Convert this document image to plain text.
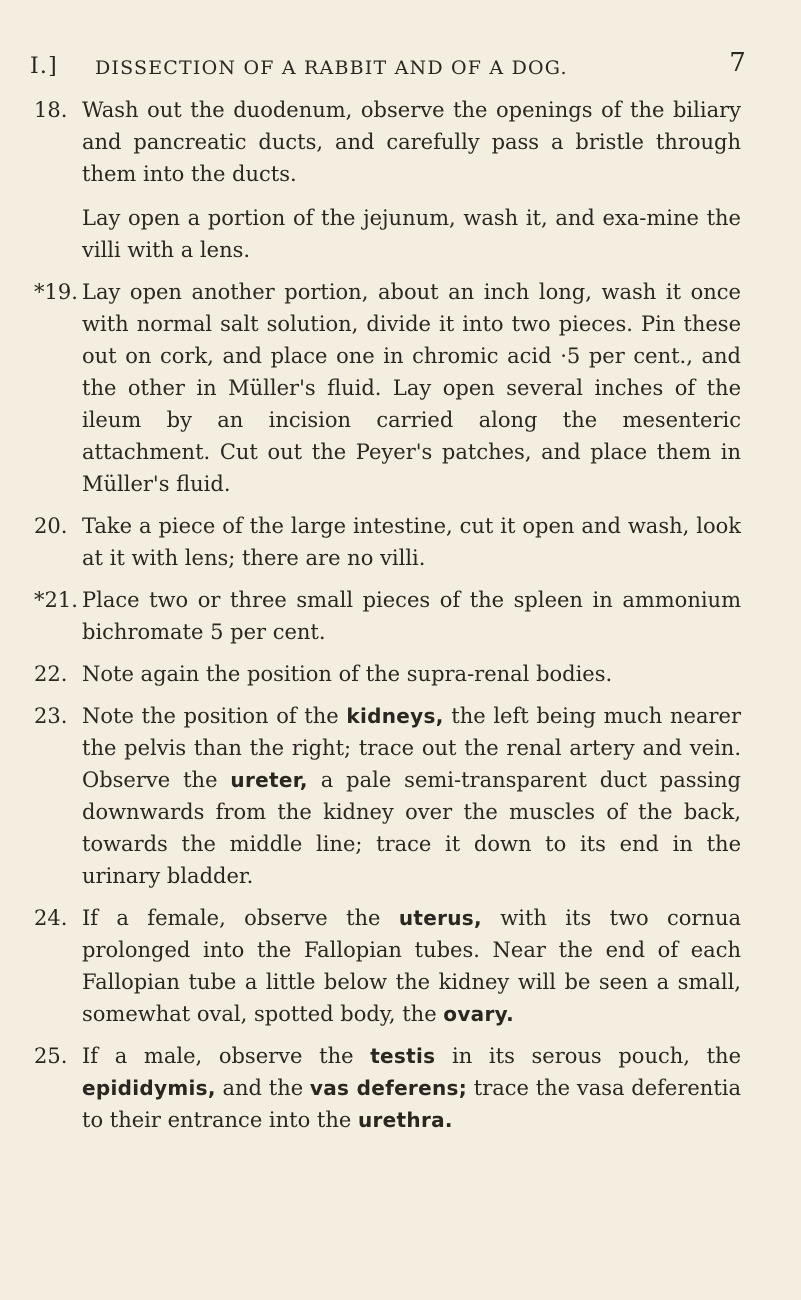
I.] DISSECTION OF A RABBIT AND OF A DOG.	7
18. Wash out the duodenum, observe the openings of the biliary and pancreatic ducts, and carefully pass a bristle through them into the ducts.

Lay open a portion of the jejunum, wash it, and exa-mine the villi with a lens.

*19. Lay open another portion, about an inch long, wash it once with normal salt solution, divide it into two pieces. Pin these out on cork, and place one in chromic acid ·5 per cent., and the other in Müller's fluid. Lay open several inches of the ileum by an incision carried along the mesenteric attachment. Cut out the Peyer's patches, and place them in Müller's fluid.

20. Take a piece of the large intestine, cut it open and wash, look at it with lens; there are no villi.

*21. Place two or three small pieces of the spleen in ammonium bichromate 5 per cent.

22. Note again the position of the supra-renal bodies.

23. Note the position of the kidneys, the left being much nearer the pelvis than the right; trace out the renal artery and vein. Observe the ureter, a pale semi-transparent duct passing downwards from the kidney over the muscles of the back, towards the middle line; trace it down to its end in the urinary bladder.

24. If a female, observe the uterus, with its two cornua prolonged into the Fallopian tubes. Near the end of each Fallopian tube a little below the kidney will be seen a small, somewhat oval, spotted body, the ovary.

25. If a male, observe the testis in its serous pouch, the epididymis, and the vas deferens; trace the vasa deferentia to their entrance into the urethra.
